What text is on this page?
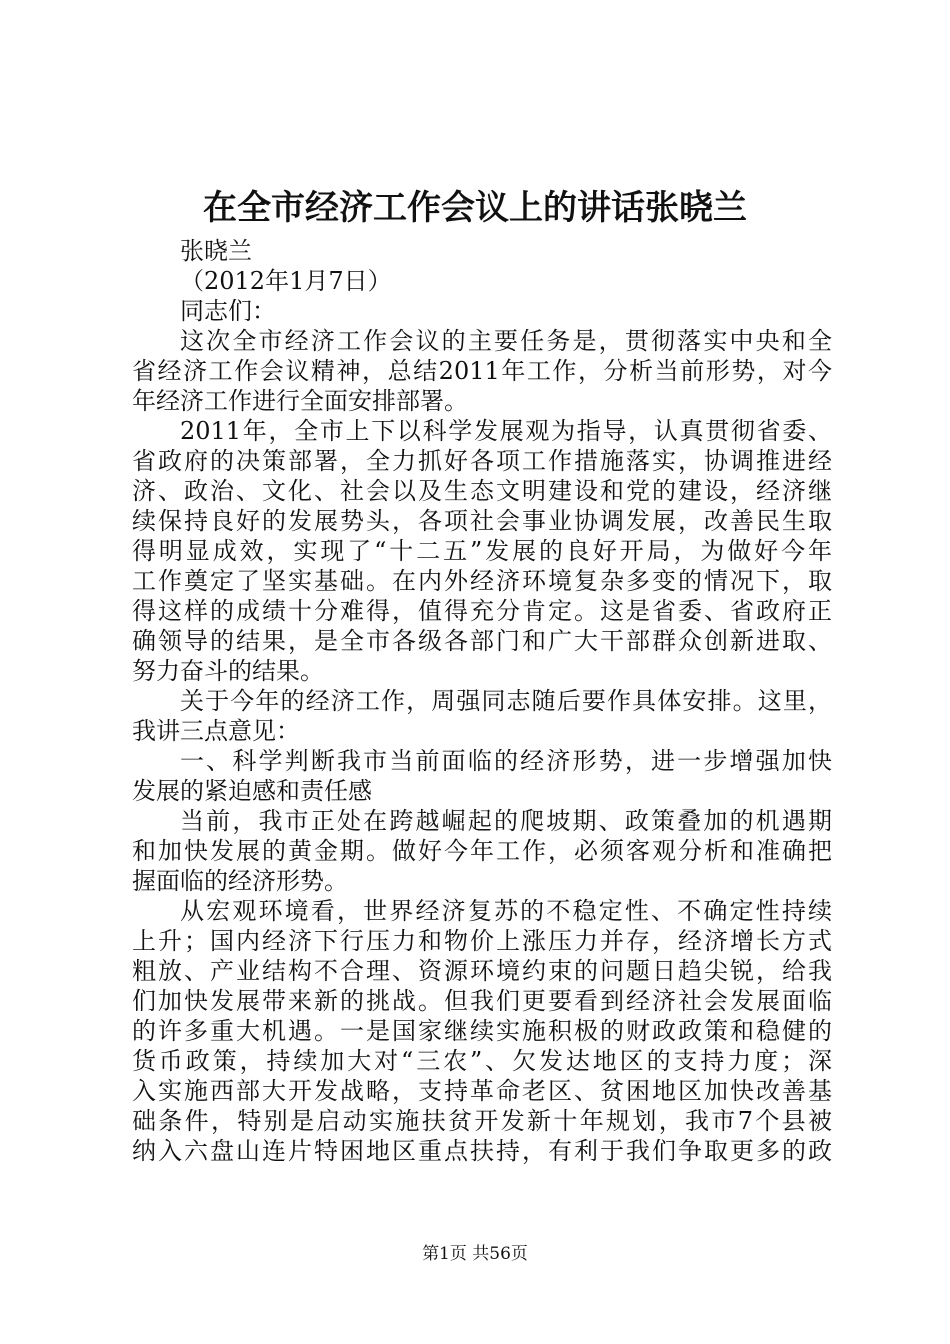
在全市经济工作会议上的讲话张晓兰
张晓兰
（2012年1月7日）
同志们：
这次全市经济工作会议的主要任务是，贯彻落实中央和全
省经济工作会议精神，总结2011年工作，分析当前形势，对今
年经济工作进行全面安排部署。
2011年，全市上下以科学发展观为指导，认真贯彻省委、
省政府的决策部署，全力抓好各项工作措施落实，协调推进经
济、政治、文化、社会以及生态文明建设和党的建设，经济继
续保持良好的发展势头，各项社会事业协调发展，改善民生取
得明显成效，实现了“十二五”发展的良好开局，为做好今年
工作奠定了坚实基础。在内外经济环境复杂多变的情况下，取
得这样的成绩十分难得，值得充分肯定。这是省委、省政府正
确领导的结果，是全市各级各部门和广大干部群众创新进取、
努力奋斗的结果。
关于今年的经济工作，周强同志随后要作具体安排。这里，
我讲三点意见：
一、科学判断我市当前面临的经济形势，进一步增强加快
发展的紧迫感和责任感
当前，我市正处在跨越崛起的爬坡期、政策叠加的机遇期
和加快发展的黄金期。做好今年工作，必须客观分析和准确把
握面临的经济形势。
从宏观环境看，世界经济复苏的不稳定性、不确定性持续
上升；国内经济下行压力和物价上涨压力并存，经济增长方式
粗放、产业结构不合理、资源环境约束的问题日趋尖锐，给我
们加快发展带来新的挑战。但我们更要看到经济社会发展面临
的许多重大机遇。一是国家继续实施积极的财政政策和稳健的
货币政策，持续加大对“三农”、欠发达地区的支持力度；深
入实施西部大开发战略，支持革命老区、贫困地区加快改善基
础条件，特别是启动实施扶贫开发新十年规划，我市7个县被
纳入六盘山连片特困地区重点扶持，有利于我们争取更多的政
第1页 共56页
